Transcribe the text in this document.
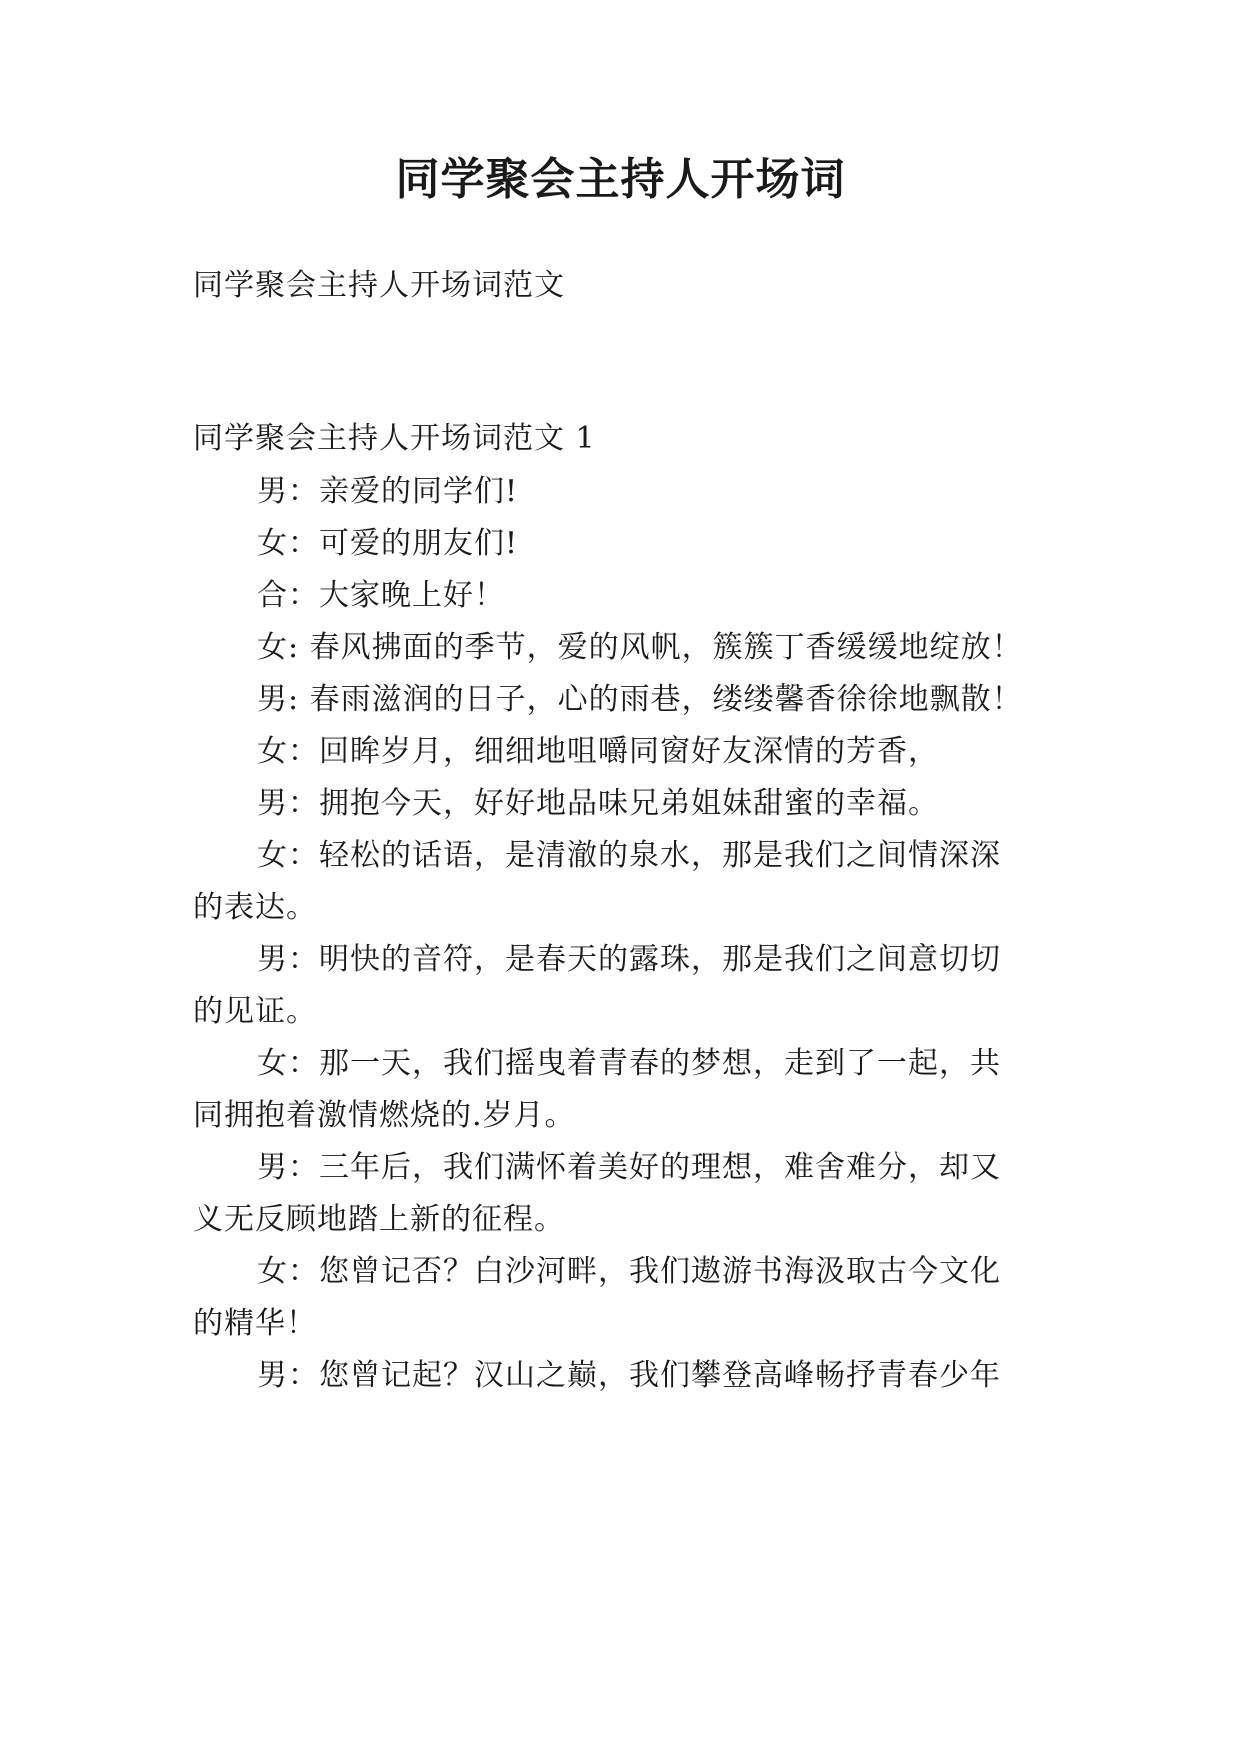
同学聚会主持人开场词
同学聚会主持人开场词范文
同学聚会主持人开场词范文 1
男：亲爱的同学们!
女：可爱的朋友们!
合：大家晚上好！
女: 春风拂面的季节，爱的风帆，簇簇丁香缓缓地绽放！
男: 春雨滋润的日子，心的雨巷，缕缕馨香徐徐地飘散！
女：回眸岁月，细细地咀嚼同窗好友深情的芳香，
男：拥抱今天，好好地品味兄弟姐妹甜蜜的幸福。
女：轻松的话语，是清澈的泉水，那是我们之间情深深
的表达。
男：明快的音符，是春天的露珠，那是我们之间意切切
的见证。
女：那一天，我们摇曳着青春的梦想，走到了一起，共
同拥抱着激情燃烧的.岁月。
男：三年后，我们满怀着美好的理想，难舍难分，却又
义无反顾地踏上新的征程。
女：您曾记否？白沙河畔，我们遨游书海汲取古今文化
的精华！
男：您曾记起？汉山之巅，我们攀登高峰畅抒青春少年
